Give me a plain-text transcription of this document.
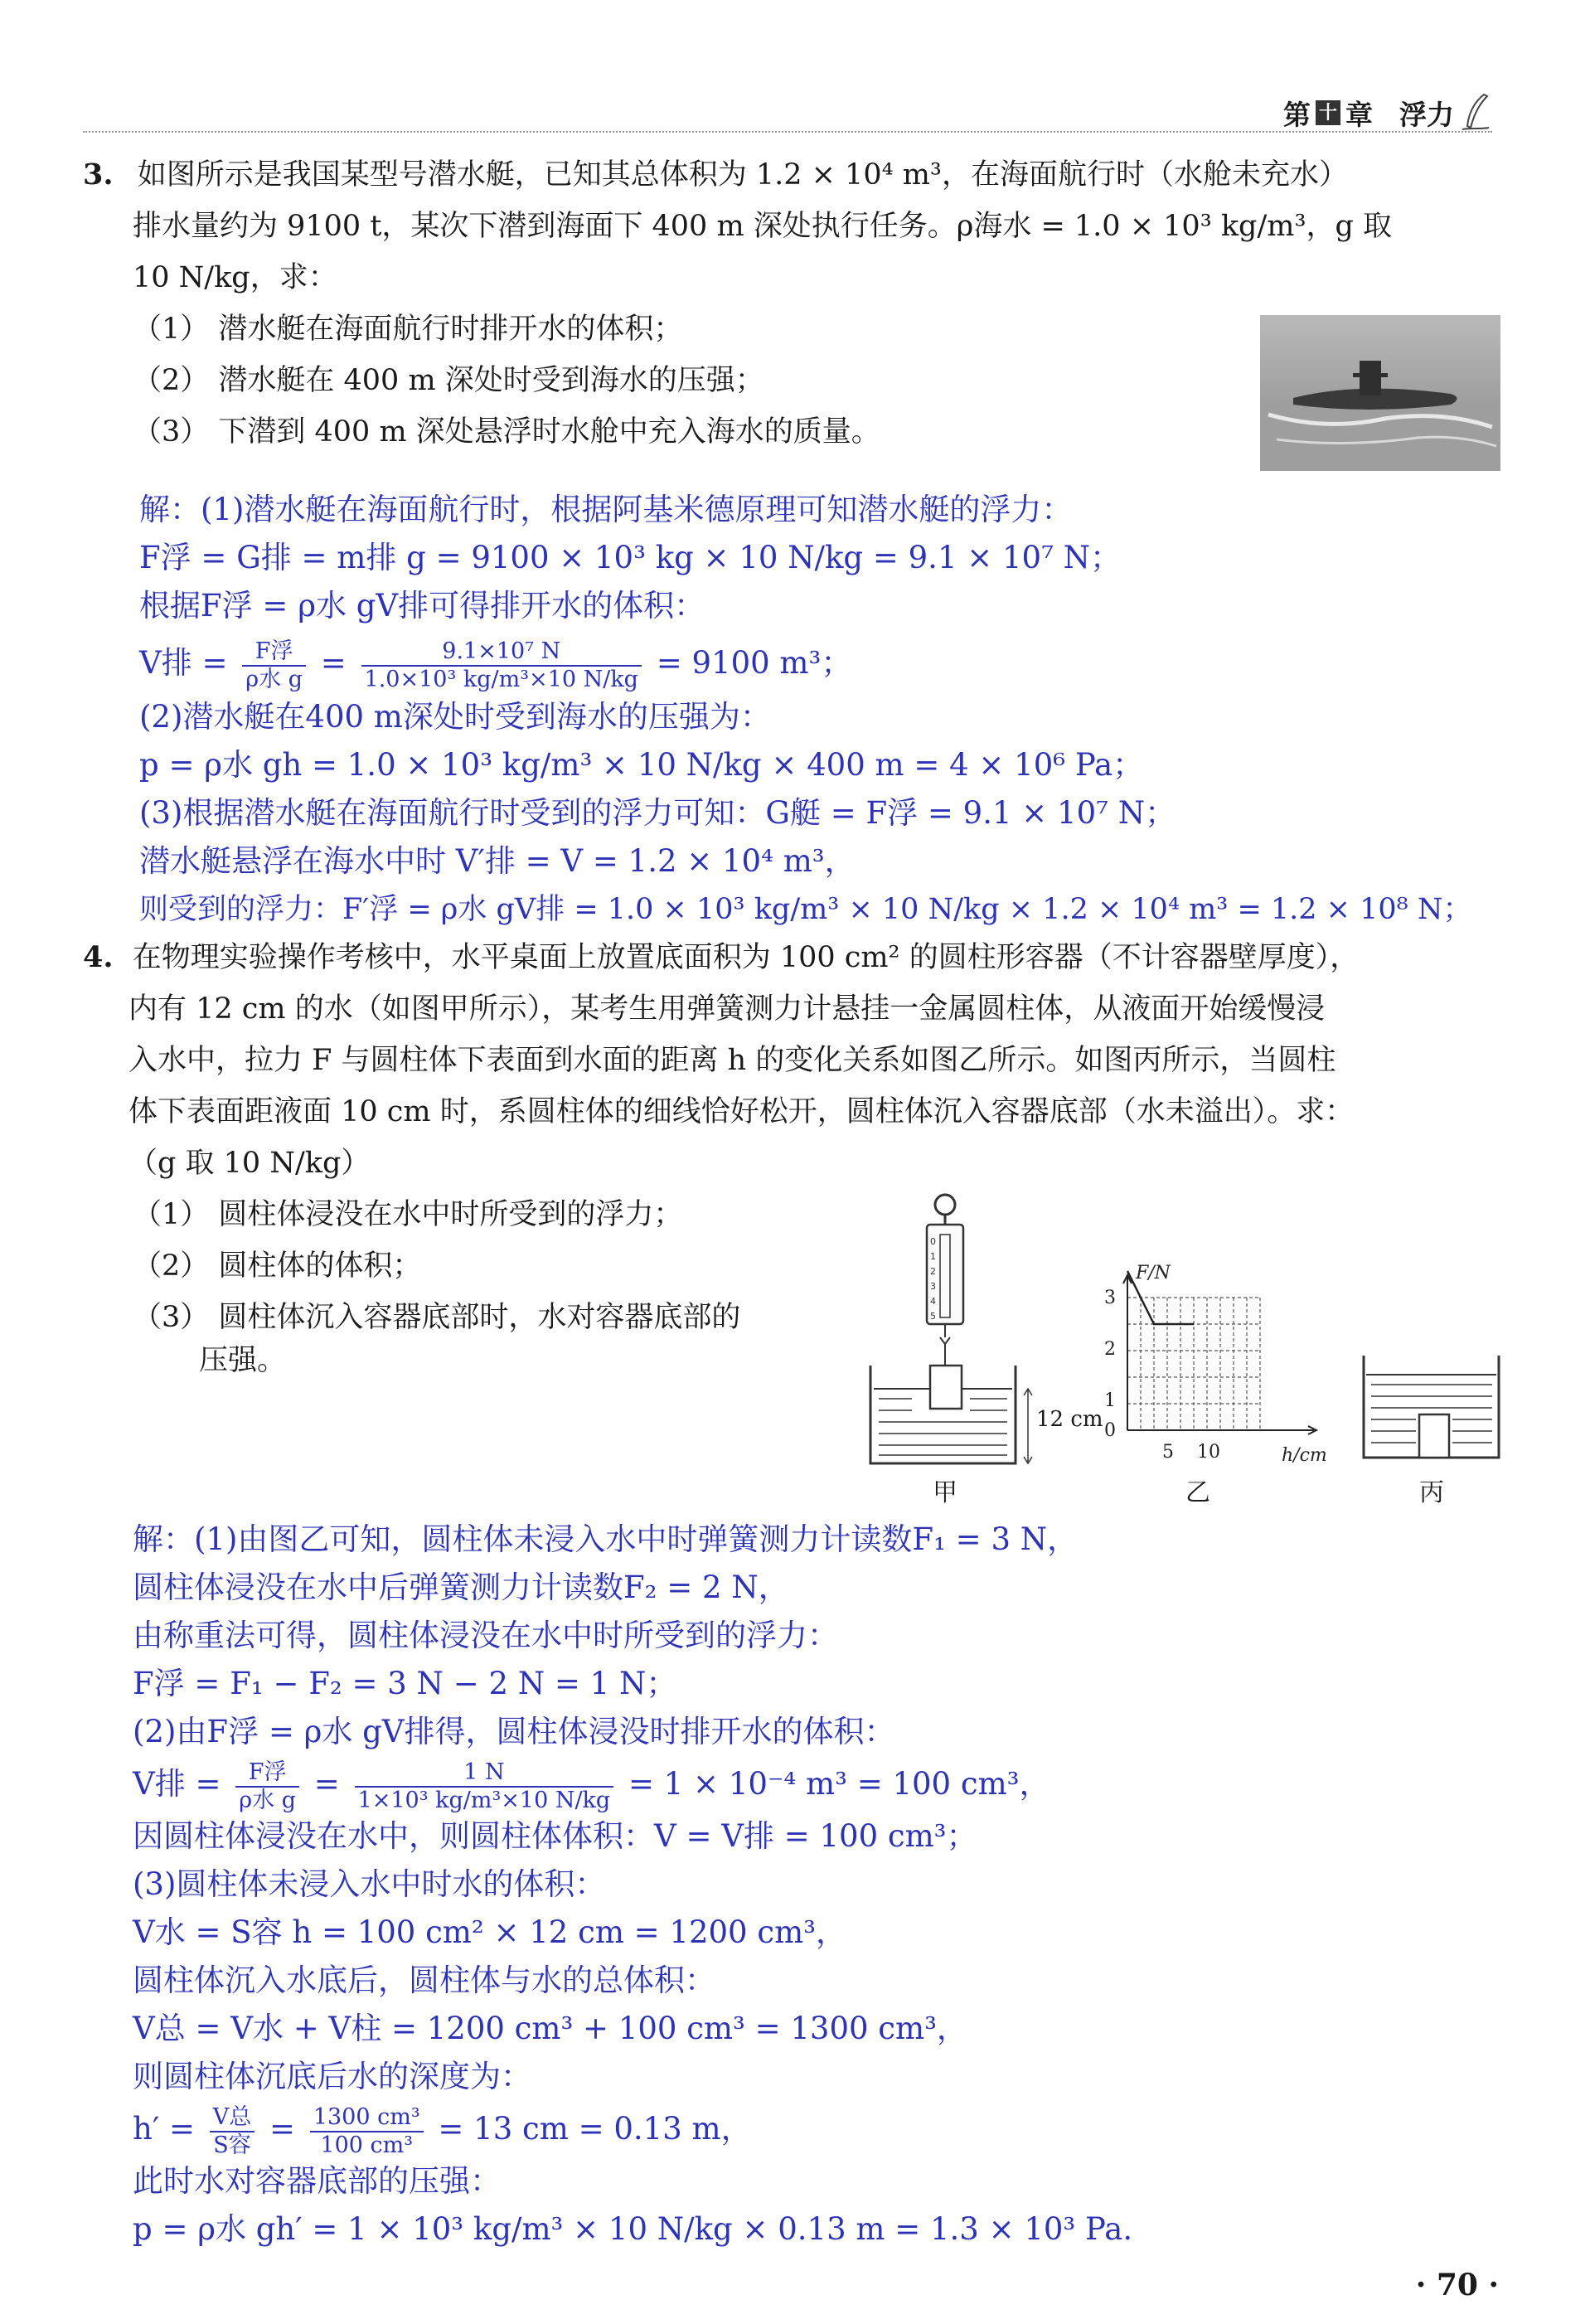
第 十 章 浮力
3. 如图所示是我国某型号潜水艇，已知其总体积为 1.2 × 10⁴ m³，在海面航行时（水舱未充水）
排水量约为 9100 t，某次下潜到海面下 400 m 深处执行任务。ρ海水 = 1.0 × 10³ kg/m³，g 取
10 N/kg，求：
（1） 潜水艇在海面航行时排开水的体积；
（2） 潜水艇在 400 m 深处时受到海水的压强；
（3） 下潜到 400 m 深处悬浮时水舱中充入海水的质量。
解：(1)潜水艇在海面航行时，根据阿基米德原理可知潜水艇的浮力：
F浮 = G排 = m排 g = 9100 × 10³ kg × 10 N/kg = 9.1 × 10⁷ N；
根据F浮 = ρ水 gV排可得排开水的体积：
V排 = $\frac{\text{F浮}}{\text{ρ水 g}} = \frac{\text{9.1×10⁷ N}}{\text{1.0×10³ kg/m³×10 N/kg}} = 9100$ m³；
(2)潜水艇在400 m深处时受到海水的压强为：
p = ρ水 gh = 1.0 × 10³ kg/m³ × 10 N/kg × 400 m = 4 × 10⁶ Pa；
(3)根据潜水艇在海面航行时受到的浮力可知：G艇 = F浮 = 9.1 × 10⁷ N；
潜水艇悬浮在海水中时 V′排 = V = 1.2 × 10⁴ m³，
则受到的浮力：F′浮 = ρ水 gV排 = 1.0 × 10³ kg/m³ × 10 N/kg × 1.2 × 10⁴ m³ = 1.2 × 10⁸ N；
4. 在物理实验操作考核中，水平桌面上放置底面积为 100 cm² 的圆柱形容器（不计容器壁厚度），
内有 12 cm 的水（如图甲所示），某考生用弹簧测力计悬挂一金属圆柱体，从液面开始缓慢浸
入水中，拉力 F 与圆柱体下表面到水面的距离 h 的变化关系如图乙所示。如图丙所示，当圆柱
体下表面距液面 10 cm 时，系圆柱体的细线恰好松开，圆柱体沉入容器底部（水未溢出）。求：
（g 取 10 N/kg）
（1） 圆柱体浸没在水中时所受到的浮力；
（2） 圆柱体的体积；
（3） 圆柱体沉入容器底部时，水对容器底部的
压强。
0
1
2
3
4
5
12 cm
甲
F/N
3
2
1
0
5 10	h/cm
乙	丙
解：(1)由图乙可知，圆柱体未浸入水中时弹簧测力计读数F₁ = 3 N，
圆柱体浸没在水中后弹簧测力计读数F₂ = 2 N，
由称重法可得，圆柱体浸没在水中时所受到的浮力：
F浮 = F₁ − F₂ = 3 N − 2 N = 1 N；
(2)由F浮 = ρ水 gV排得，圆柱体浸没时排开水的体积：
V排 = $\frac{\text{F浮}}{\text{ρ水 g}} = \frac{1 N}{\text{1×10³ kg/m³×10 N/kg}} = 1 \times 10^{-4}$ m³ = 100 cm³，
因圆柱体浸没在水中，则圆柱体体积：V = V排 = 100 cm³；
(3)圆柱体未浸入水中时水的体积：
V水 = S容 h = 100 cm² × 12 cm = 1200 cm³，
圆柱体沉入水底后，圆柱体与水的总体积：
V总 = V水 + V柱 = 1200 cm³ + 100 cm³ = 1300 cm³，
则圆柱体沉底后水的深度为：
$h' = \frac{\text{V总}}{\text{S容}} = \frac{\text{1300 cm³}}{\text{100 cm³}} = 13$ cm = 0.13 m，
此时水对容器底部的压强：
p = ρ水 gh′ = 1 × 10³ kg/m³ × 10 N/kg × 0.13 m = 1.3 × 10³ Pa.
· 70 ·
